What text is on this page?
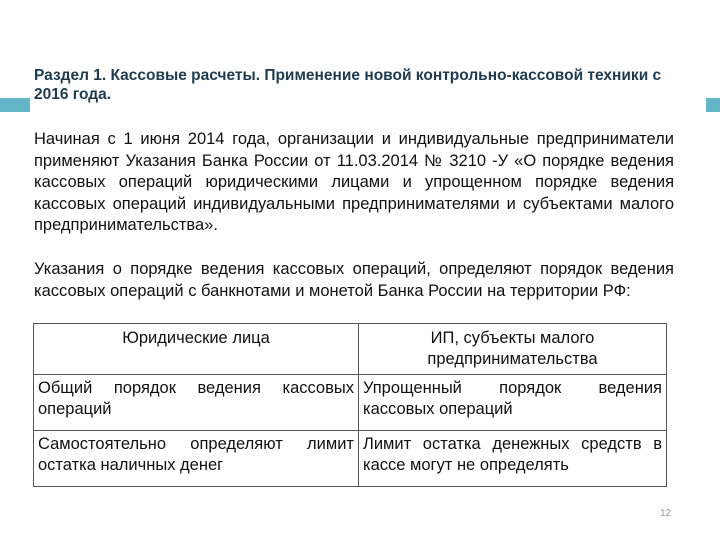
Раздел 1. Кассовые расчеты. Применение новой контрольно-кассовой техники с 2016 года.
Начиная с 1 июня 2014 года, организации и индивидуальные предприниматели применяют Указания Банка России от 11.03.2014 № 3210 -У «О порядке ведения кассовых операций юридическими лицами и упрощенном порядке ведения кассовых операций индивидуальными предпринимателями и субъектами малого предпринимательства».
Указания о порядке ведения кассовых операций, определяют порядок ведения кассовых операций с банкнотами и монетой Банка России на территории РФ:
Юридические лица	ИП, субъекты малого предпринимательства
Общий порядок ведения кассовых операций	Упрощенный порядок ведения кассовых операций
Самостоятельно определяют лимит остатка наличных денег	Лимит остатка денежных средств в кассе могут не определять
12
